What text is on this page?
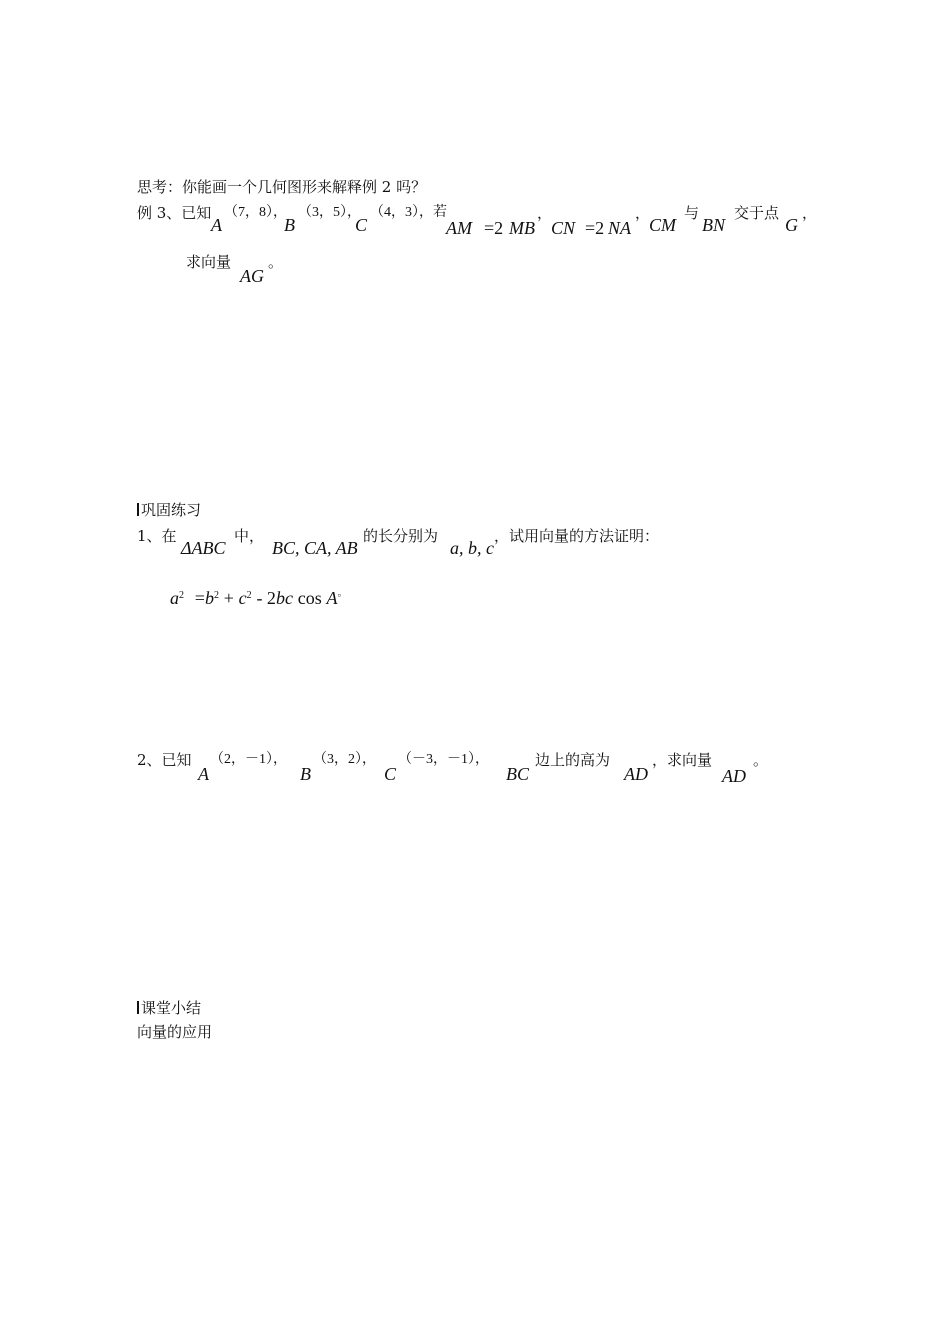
思考：你能画一个几何图形来解释例 2 吗？
例 3、已知
A
（7，8），
B
（3，5），
C
（4，3），若
AM =2 MB
，
CN =2 NA
，
CM
与
BN
交于点
G
，
求向量
AG
。
巩固练习
1、在
ΔABC
中，
BC, CA, AB
的长分别为
a, b, c
，试用向量的方法证明：
$a^2 =b^2 + c^2 - 2bc$ cos A。
2、已知
A
（2，－1），
B
（3，2），
C
（－3，－1），
BC
边上的高为
AD
，求向量
AD
。
课堂小结
向量的应用
